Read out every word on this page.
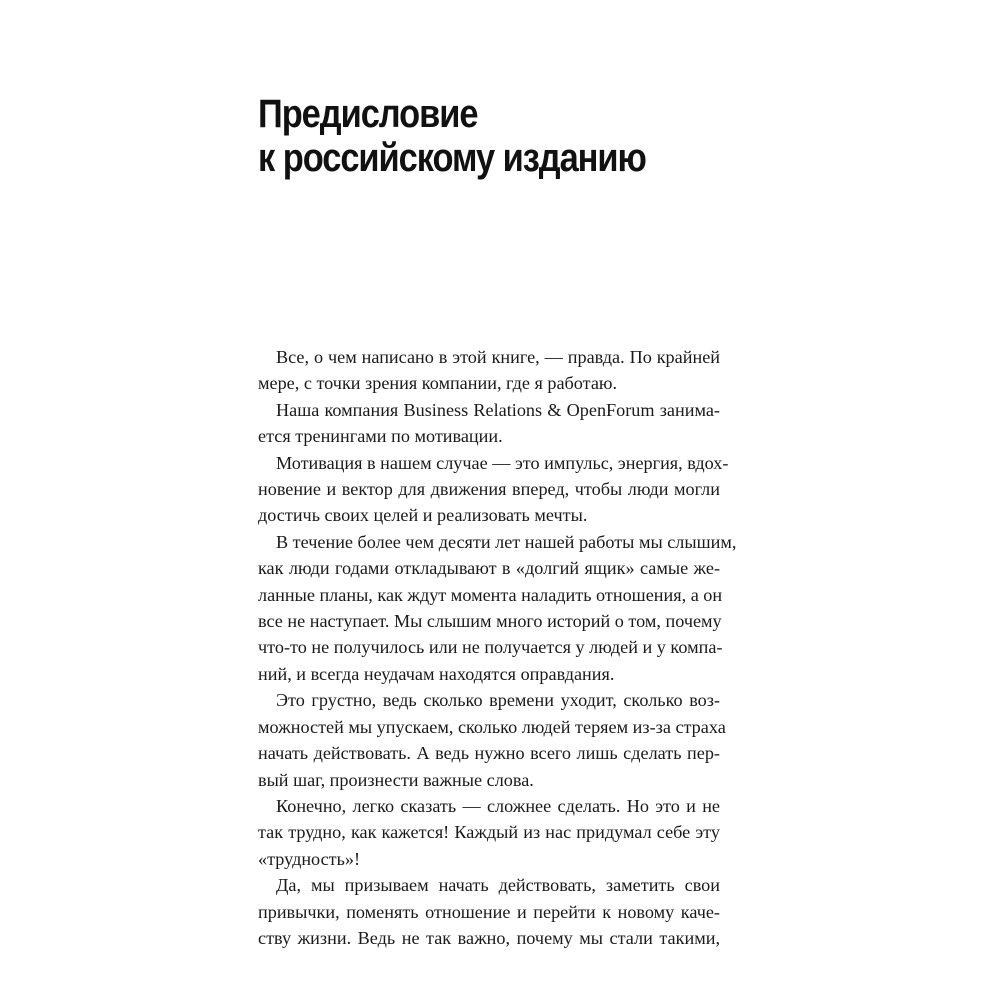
Предисловие
к российскому изданию

Все, о чем написано в этой книге, — правда. По крайней
мере, с точки зрения компании, где я работаю.

Наша компания Business Relations & OpenForum занима-
ется тренингами по мотивации.

Мотивация в нашем случае — это импульс, энергия, вдох-
новение и вектор для движения вперед, чтобы люди могли
достичь своих целей и реализовать мечты.

В течение более чем десяти лет нашей работы мы слышим,
как люди годами откладывают в «долгий ящик» самые же-
ланные планы, как ждут момента наладить отношения, а он
все не наступает. Мы слышим много историй о том, почему
что-то не получилось или не получается у людей и у компа-
ний, и всегда неудачам находятся оправдания.

Это грустно, ведь сколько времени уходит, сколько воз-
можностей мы упускаем, сколько людей теряем из-за страха
начать действовать. А ведь нужно всего лишь сделать пер-
вый шаг, произнести важные слова.

Конечно, легко сказать — сложнее сделать. Но это и не
так трудно, как кажется! Каждый из нас придумал себе эту
«трудность»!

Да, мы призываем начать действовать, заметить свои
привычки, поменять отношение и перейти к новому каче-
ству жизни. Ведь не так важно, почему мы стали такими,
